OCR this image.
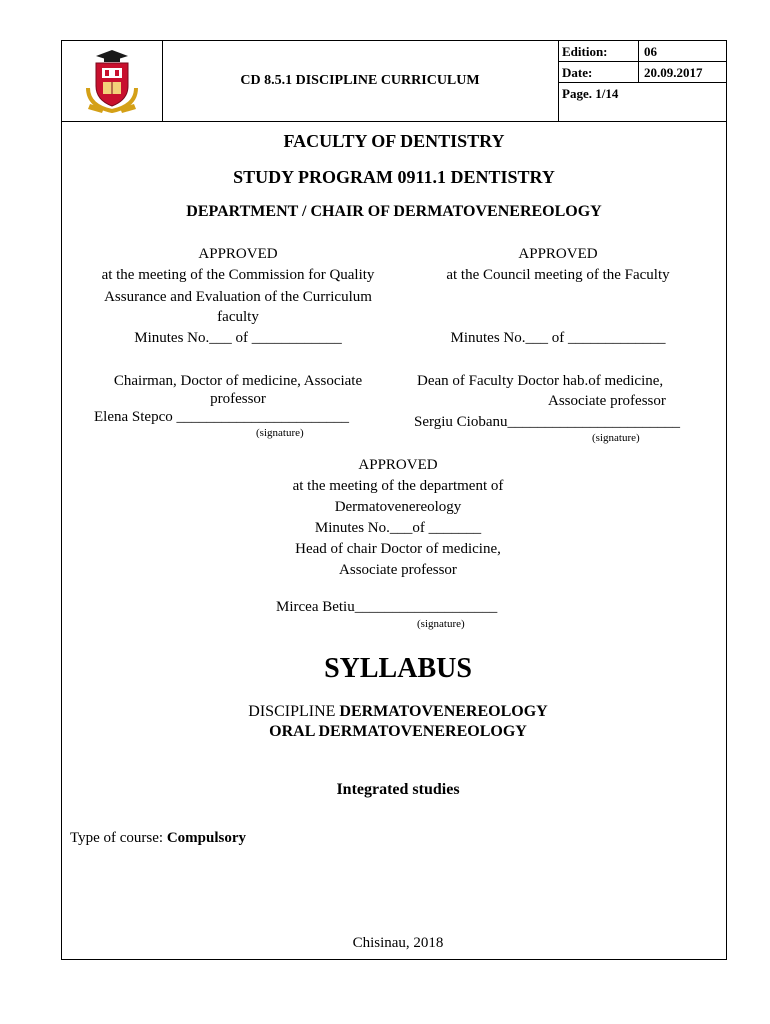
CD 8.5.1 DISCIPLINE CURRICULUM
Edition:	06
Date:	20.09.2017
Page. 1/14
FACULTY OF DENTISTRY
STUDY PROGRAM 0911.1 DENTISTRY
DEPARTMENT / CHAIR OF DERMATOVENEREOLOGY
APPROVED
at the meeting of the Commission for Quality
Assurance and Evaluation of the Curriculum
faculty
Minutes No.___ of ____________
Chairman, Doctor of medicine, Associate
professor
Elena Stepco _______________________
(signature)
APPROVED
at the Council meeting of the Faculty
Minutes No.___ of _____________
Dean of Faculty Doctor hab.of medicine,
Associate professor
Sergiu Ciobanu_______________________
(signature)
APPROVED
at the meeting of the department of
Dermatovenereology
Minutes No.___of _______
Head of chair Doctor of medicine,
Associate professor
Mircea Betiu___________________
(signature)
SYLLABUS
DISCIPLINE DERMATOVENEREOLOGY
ORAL DERMATOVENEREOLOGY
Integrated studies
Type of course: Compulsory
Chisinau, 2018
